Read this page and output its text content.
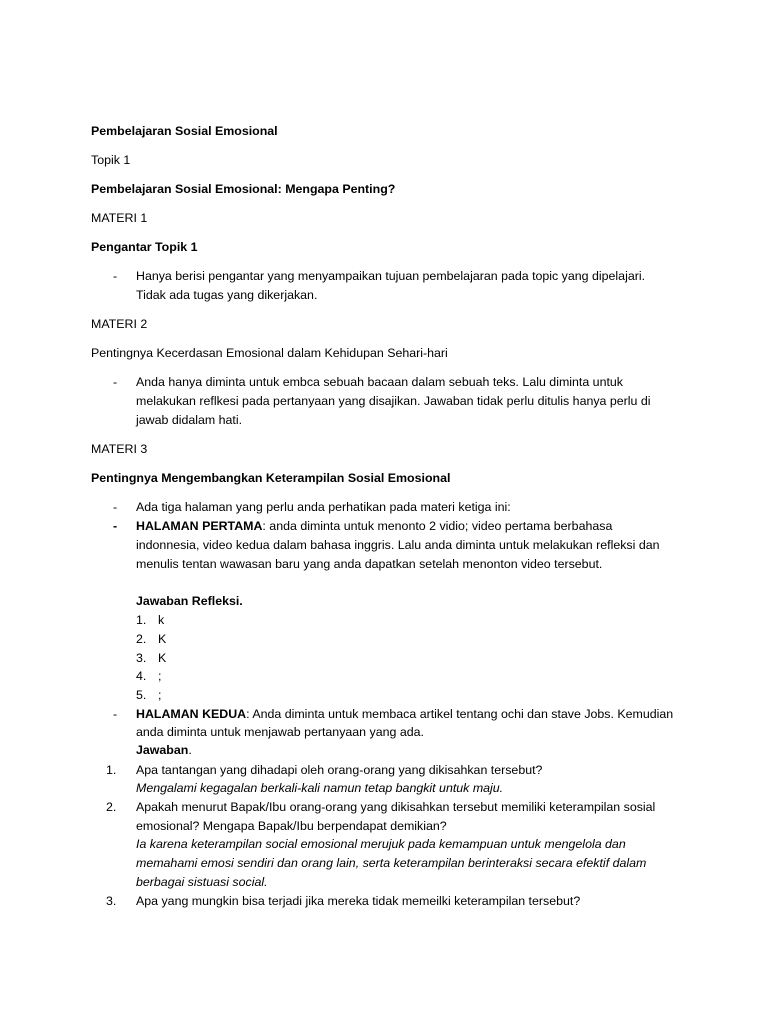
Pembelajaran Sosial Emosional
Topik 1
Pembelajaran Sosial Emosional: Mengapa Penting?
MATERI 1
Pengantar Topik 1
- Hanya berisi pengantar yang menyampaikan tujuan pembelajaran pada topic yang dipelajari.
Tidak ada tugas yang dikerjakan.
MATERI 2
Pentingnya Kecerdasan Emosional dalam Kehidupan Sehari-hari
- Anda hanya diminta untuk embca sebuah bacaan dalam sebuah teks. Lalu diminta untuk
melakukan reflkesi pada pertanyaan yang disajikan. Jawaban tidak perlu ditulis hanya perlu di
jawab didalam hati.
MATERI 3
Pentingnya Mengembangkan Keterampilan Sosial Emosional
- Ada tiga halaman yang perlu anda perhatikan pada materi ketiga ini:
- HALAMAN PERTAMA: anda diminta untuk menonto 2 vidio; video pertama berbahasa
indonnesia, video kedua dalam bahasa inggris. Lalu anda diminta untuk melakukan refleksi dan
menulis tentan wawasan baru yang anda dapatkan setelah menonton video tersebut.
Jawaban Refleksi.
1. k
2. K
3. K
4. ;
5. ;
- HALAMAN KEDUA: Anda diminta untuk membaca artikel tentang ochi dan stave Jobs. Kemudian
anda diminta untuk menjawab pertanyaan yang ada.
Jawaban.
1. Apa tantangan yang dihadapi oleh orang-orang yang dikisahkan tersebut?
Mengalami kegagalan berkali-kali namun tetap bangkit untuk maju.
2. Apakah menurut Bapak/Ibu orang-orang yang dikisahkan tersebut memiliki keterampilan sosial
emosional? Mengapa Bapak/Ibu berpendapat demikian?
Ia karena keterampilan social emosional merujuk pada kemampuan untuk mengelola dan
memahami emosi sendiri dan orang lain, serta keterampilan berinteraksi secara efektif dalam
berbagai sistuasi social.
3. Apa yang mungkin bisa terjadi jika mereka tidak memeilki keterampilan tersebut?
